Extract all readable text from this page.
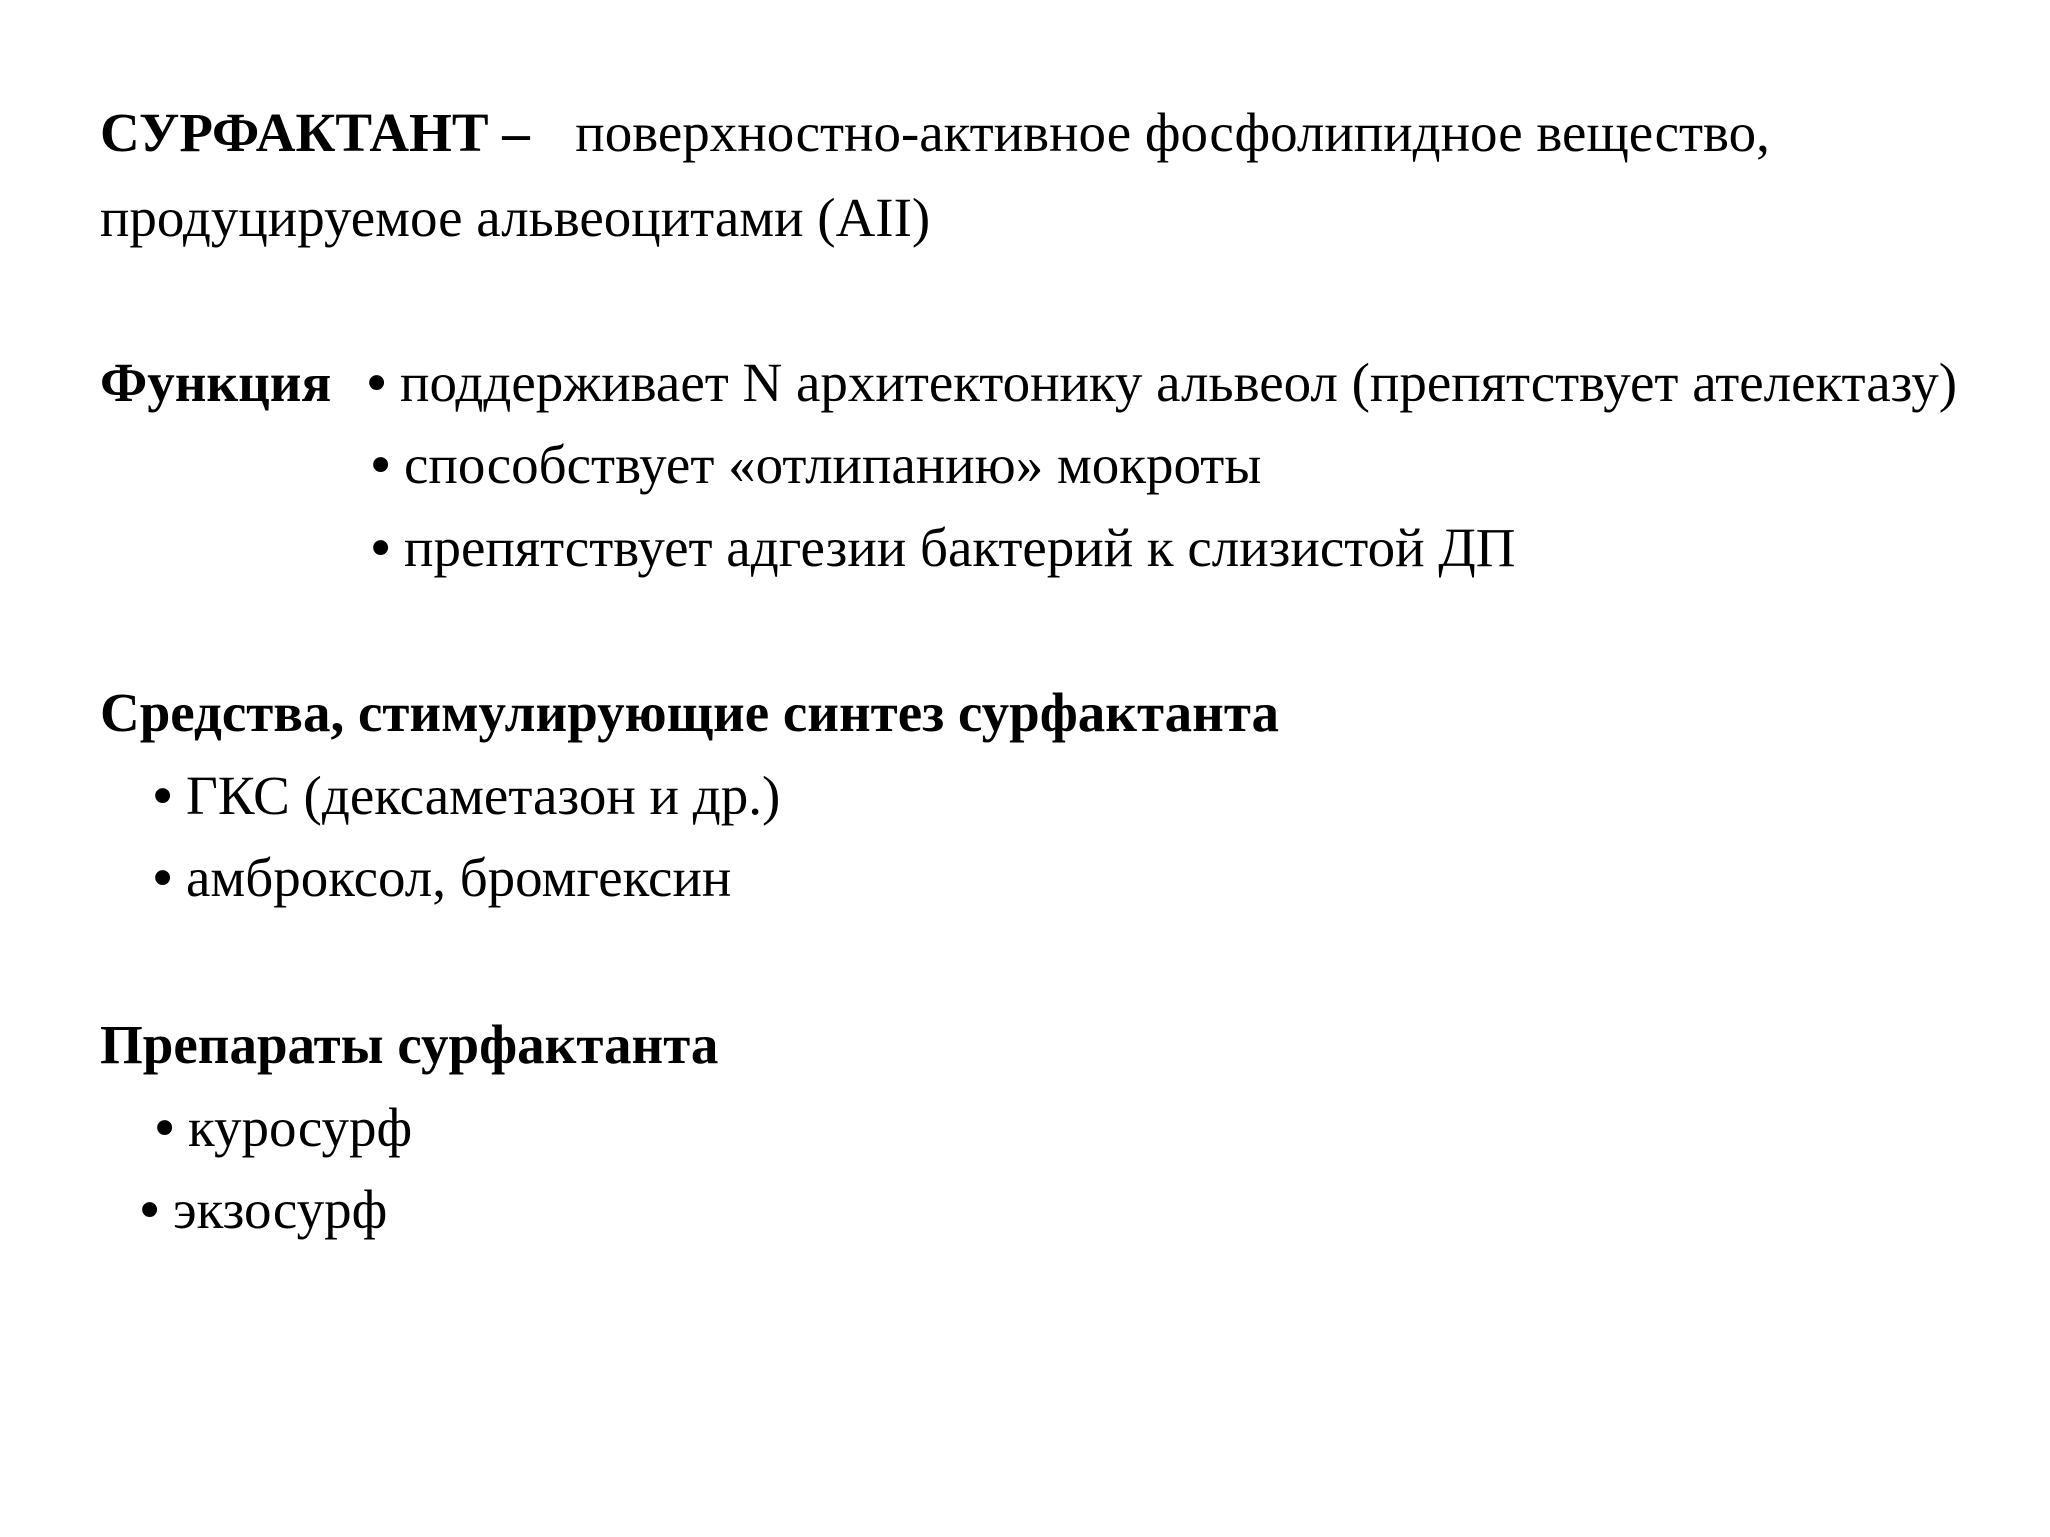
СУРФАКТАНТ – поверхностно-активное фосфолипидное вещество,
продуцируемое альвеоцитами (АII)
Функция • поддерживает N архитектонику альвеол (препятствует ателектазу)
• способствует «отлипанию» мокроты
• препятствует адгезии бактерий к слизистой ДП
Средства, стимулирующие синтез сурфактанта
• ГКС (дексаметазон и др.)
• амброксол, бромгексин
Препараты сурфактанта
• куросурф
• экзосурф
